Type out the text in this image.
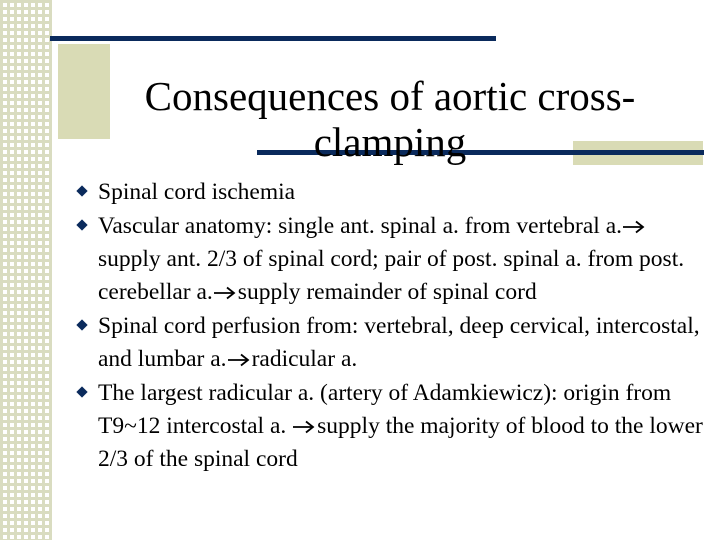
Consequences of aortic cross-
clamping
Spinal cord ischemia
Vascular anatomy: single ant. spinal a. from vertebral a.supply ant. 2/3 of spinal cord; pair of post. spinal a. from post. cerebellar a. supply remainder of spinal cord
Spinal cord perfusion from: vertebral, deep cervical, intercostal, and lumbar a. radicular a.
The largest radicular a. (artery of Adamkiewicz): origin from T9~12 intercostal a. supply the majority of blood to the lower 2/3 of the spinal cord
